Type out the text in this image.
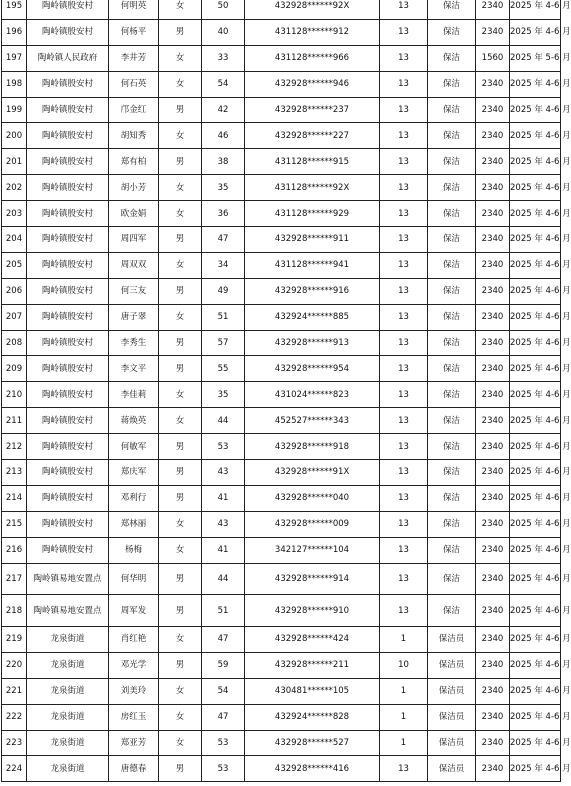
195	陶岭镇殷安村	何明英	女	50	432928******92X	13	保洁	2340	2025 年 4-6 月
196	陶岭镇殷安村	何杨平	男	40	431128******912	13	保洁	2340	2025 年 4-6 月
197	陶岭镇人民政府	李井芳	女	33	431128******966	13	保洁	1560	2025 年 5-6 月
198	陶岭镇殷安村	何石英	女	54	432928******946	13	保洁	2340	2025 年 4-6 月
199	陶岭镇殷安村	邝金红	男	42	432928******237	13	保洁	2340	2025 年 4-6 月
200	陶岭镇殷安村	胡知秀	女	46	432928******227	13	保洁	2340	2025 年 4-6 月
201	陶岭镇殷安村	郑有柏	男	38	431128******915	13	保洁	2340	2025 年 4-6 月
202	陶岭镇殷安村	胡小芳	女	35	431128******92X	13	保洁	2340	2025 年 4-6 月
203	陶岭镇殷安村	欧金娟	女	36	431128******929	13	保洁	2340	2025 年 4-6 月
204	陶岭镇殷安村	周四军	男	47	432928******911	13	保洁	2340	2025 年 4-6 月
205	陶岭镇殷安村	周双双	女	34	431128******941	13	保洁	2340	2025 年 4-6 月
206	陶岭镇殷安村	何三友	男	49	432928******916	13	保洁	2340	2025 年 4-6 月
207	陶岭镇殷安村	唐子翠	女	51	432924******885	13	保洁	2340	2025 年 4-6 月
208	陶岭镇殷安村	李秀生	男	57	432928******913	13	保洁	2340	2025 年 4-6 月
209	陶岭镇殷安村	李文平	男	55	432928******954	13	保洁	2340	2025 年 4-6 月
210	陶岭镇殷安村	李佳莉	女	35	431024******823	13	保洁	2340	2025 年 4-6 月
211	陶岭镇殷安村	蒋焕英	女	44	452527******343	13	保洁	2340	2025 年 4-6 月
212	陶岭镇殷安村	何敏军	男	53	432928******918	13	保洁	2340	2025 年 4-6 月
213	陶岭镇殷安村	郑庆军	男	43	432928******91X	13	保洁	2340	2025 年 4-6 月
214	陶岭镇殷安村	邓利行	男	41	432928******040	13	保洁	2340	2025 年 4-6 月
215	陶岭镇殷安村	郑林丽	女	43	432928******009	13	保洁	2340	2025 年 4-6 月
216	陶岭镇殷安村	杨梅	女	41	342127******104	13	保洁	2340	2025 年 4-6 月
217	陶岭镇易地安置点	何华明	男	44	432928******914	13	保洁	2340	2025 年 4-6 月
218	陶岭镇易地安置点	周军发	男	51	432928******910	13	保洁	2340	2025 年 4-6 月
219	龙泉街道	肖红艳	女	47	432928******424	1	保洁员	2340	2025 年 4-6 月
220	龙泉街道	邓光学	男	59	432928******211	10	保洁员	2340	2025 年 4-6 月
221	龙泉街道	刘美玲	女	54	430481******105	1	保洁员	2340	2025 年 4-6 月
222	龙泉街道	房红玉	女	47	432924******828	1	保洁员	2340	2025 年 4-6 月
223	龙泉街道	郑亚芳	女	53	432928******527	1	保洁员	2340	2025 年 4-6 月
224	龙泉街道	唐德春	男	53	432928******416	13	保洁员	2340	2025 年 4-6 月
